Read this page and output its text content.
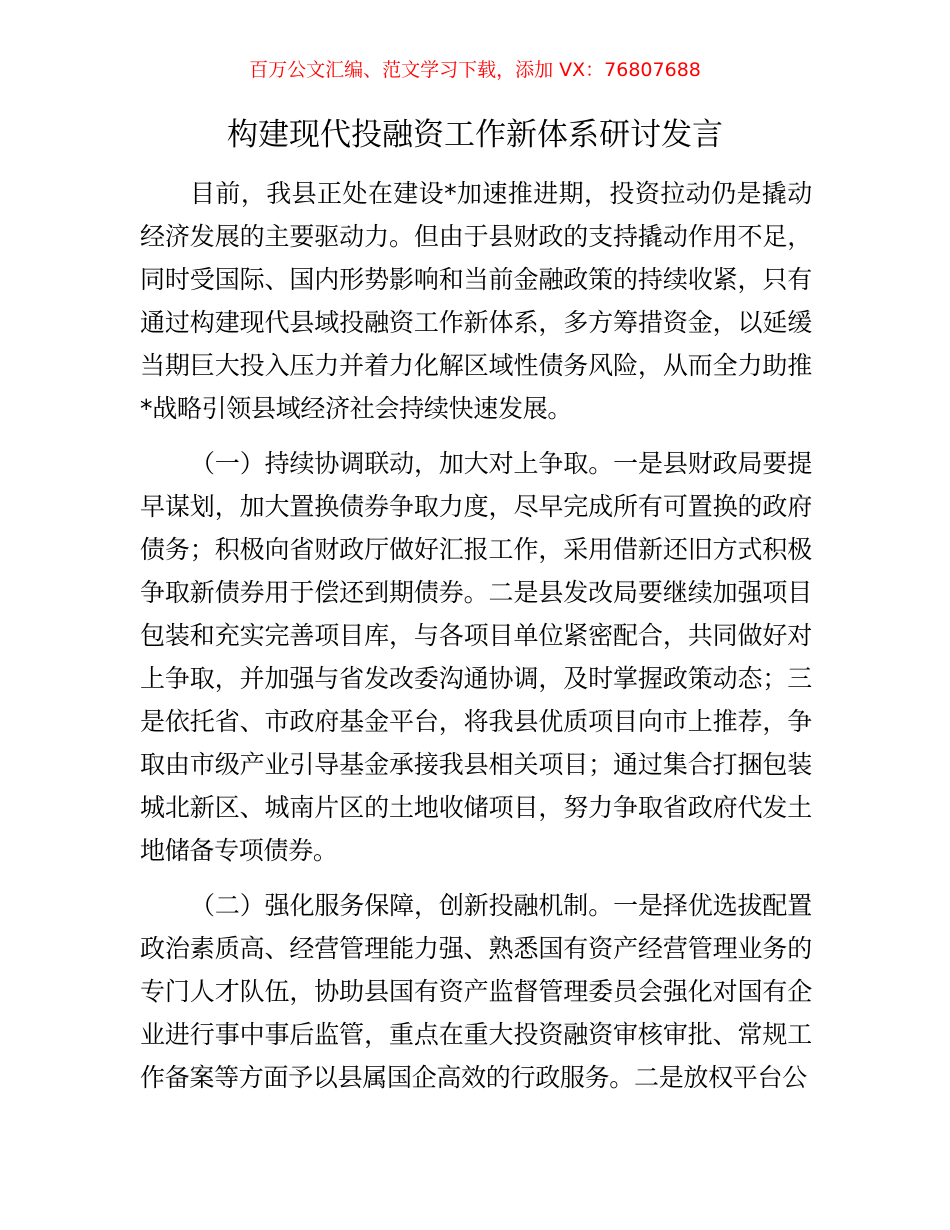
百万公文汇编、范文学习下载，添加 VX：76807688
构建现代投融资工作新体系研讨发言

目前，我县正处在建设*加速推进期，投资拉动仍是撬动经济发展的主要驱动力。但由于县财政的支持撬动作用不足，同时受国际、国内形势影响和当前金融政策的持续收紧，只有通过构建现代县域投融资工作新体系，多方筹措资金，以延缓当期巨大投入压力并着力化解区域性债务风险，从而全力助推*战略引领县域经济社会持续快速发展。

（一）持续协调联动，加大对上争取。一是县财政局要提早谋划，加大置换债券争取力度，尽早完成所有可置换的政府债务；积极向省财政厅做好汇报工作，采用借新还旧方式积极争取新债券用于偿还到期债券。二是县发改局要继续加强项目包装和充实完善项目库，与各项目单位紧密配合，共同做好对上争取，并加强与省发改委沟通协调，及时掌握政策动态；三是依托省、市政府基金平台，将我县优质项目向市上推荐，争取由市级产业引导基金承接我县相关项目；通过集合打捆包装城北新区、城南片区的土地收储项目，努力争取省政府代发土地储备专项债券。

（二）强化服务保障，创新投融机制。一是择优选拔配置政治素质高、经营管理能力强、熟悉国有资产经营管理业务的专门人才队伍，协助县国有资产监督管理委员会强化对国有企业进行事中事后监管，重点在重大投资融资审核审批、常规工作备案等方面予以县属国企高效的行政服务。二是放权平台公
